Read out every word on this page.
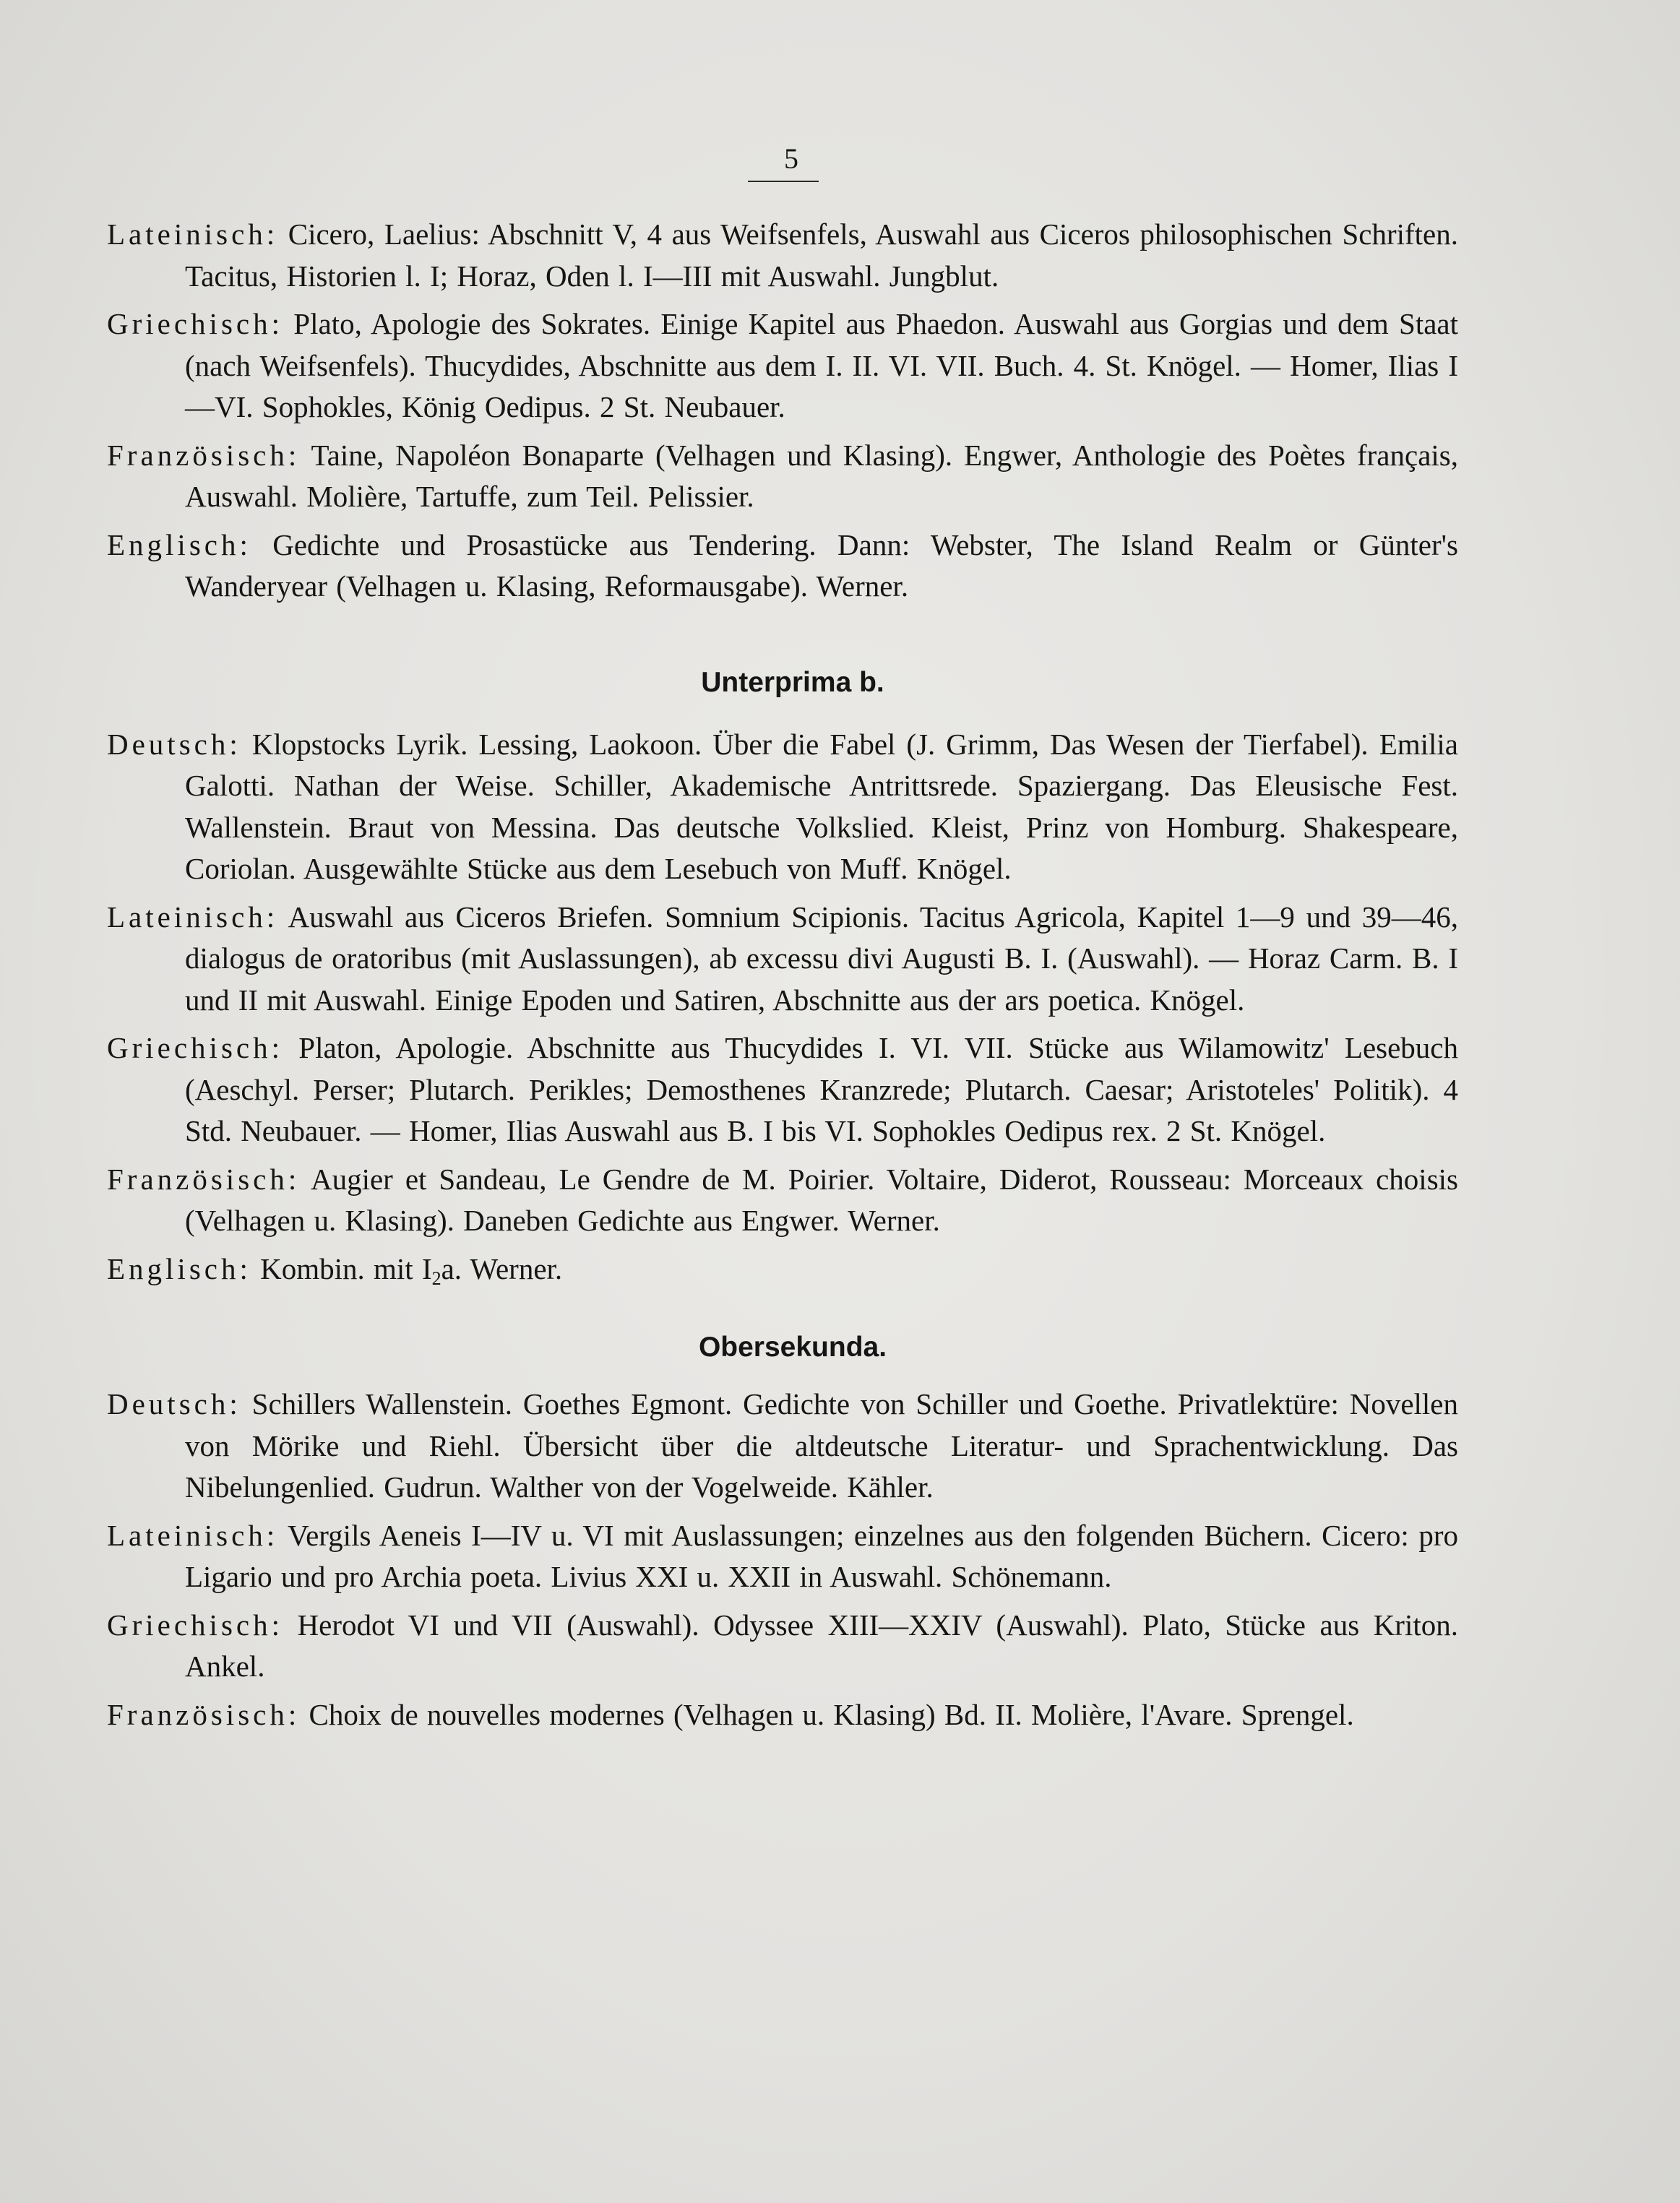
5

Lateinisch: Cicero, Laelius: Abschnitt V, 4 aus Weifsenfels, Auswahl aus Ciceros philosophischen Schriften. Tacitus, Historien l. I; Horaz, Oden l. I—III mit Auswahl. Jungblut.

Griechisch: Plato, Apologie des Sokrates. Einige Kapitel aus Phaedon. Auswahl aus Gorgias und dem Staat (nach Weifsenfels). Thucydides, Abschnitte aus dem I. II. VI. VII. Buch. 4. St. Knögel. — Homer, Ilias I—VI. Sophokles, König Oedipus. 2 St. Neubauer.

Französisch: Taine, Napoléon Bonaparte (Velhagen und Klasing). Engwer, Anthologie des Poètes français, Auswahl. Molière, Tartuffe, zum Teil. Pelissier.

Englisch: Gedichte und Prosastücke aus Tendering. Dann: Webster, The Island Realm or Günter's Wanderyear (Velhagen u. Klasing, Reformausgabe). Werner.

Unterprima b.

Deutsch: Klopstocks Lyrik. Lessing, Laokoon. Über die Fabel (J. Grimm, Das Wesen der Tierfabel). Emilia Galotti. Nathan der Weise. Schiller, Akademische Antrittsrede. Spaziergang. Das Eleusische Fest. Wallenstein. Braut von Messina. Das deutsche Volkslied. Kleist, Prinz von Homburg. Shakespeare, Coriolan. Ausgewählte Stücke aus dem Lesebuch von Muff. Knögel.

Lateinisch: Auswahl aus Ciceros Briefen. Somnium Scipionis. Tacitus Agricola, Kapitel 1—9 und 39—46, dialogus de oratoribus (mit Auslassungen), ab excessu divi Augusti B. I. (Auswahl). — Horaz Carm. B. I und II mit Auswahl. Einige Epoden und Satiren, Abschnitte aus der ars poetica. Knögel.

Griechisch: Platon, Apologie. Abschnitte aus Thucydides I. VI. VII. Stücke aus Wilamowitz' Lesebuch (Aeschyl. Perser; Plutarch. Perikles; Demosthenes Kranzrede; Plutarch. Caesar; Aristoteles' Politik). 4 Std. Neubauer. — Homer, Ilias Auswahl aus B. I bis VI. Sophokles Oedipus rex. 2 St. Knögel.

Französisch: Augier et Sandeau, Le Gendre de M. Poirier. Voltaire, Diderot, Rousseau: Morceaux choisis (Velhagen u. Klasing). Daneben Gedichte aus Engwer. Werner.

Englisch: Kombin. mit $I_2a$. Werner.

Obersekunda.

Deutsch: Schillers Wallenstein. Goethes Egmont. Gedichte von Schiller und Goethe. Privatlektüre: Novellen von Mörike und Riehl. Übersicht über die altdeutsche Literatur- und Sprachentwicklung. Das Nibelungenlied. Gudrun. Walther von der Vogelweide. Kähler.

Lateinisch: Vergils Aeneis I—IV u. VI mit Auslassungen; einzelnes aus den folgenden Büchern. Cicero: pro Ligario und pro Archia poeta. Livius XXI u. XXII in Auswahl. Schönemann.

Griechisch: Herodot VI und VII (Auswahl). Odyssee XIII—XXIV (Auswahl). Plato, Stücke aus Kriton. Ankel.

Französisch: Choix de nouvelles modernes (Velhagen u. Klasing) Bd. II. Molière, l'Avare. Sprengel.
